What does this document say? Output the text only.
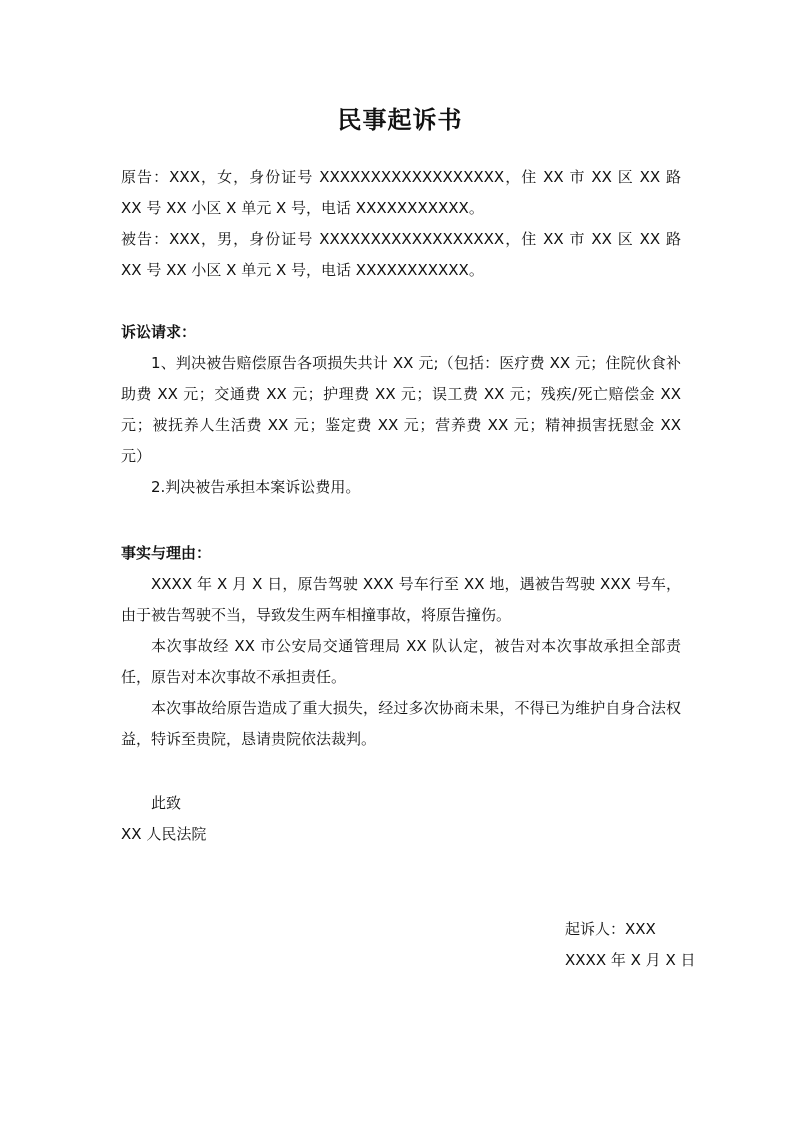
民事起诉书

原告：XXX，女，身份证号 XXXXXXXXXXXXXXXXXX，住 XX 市 XX 区 XX 路 XX 号 XX 小区 X 单元 X 号，电话 XXXXXXXXXXX。

被告：XXX，男，身份证号 XXXXXXXXXXXXXXXXXX，住 XX 市 XX 区 XX 路 XX 号 XX 小区 X 单元 X 号，电话 XXXXXXXXXXX。

诉讼请求：

1、判决被告赔偿原告各项损失共计 XX 元;（包括：医疗费 XX 元；住院伙食补助费 XX 元；交通费 XX 元；护理费 XX 元；误工费 XX 元；残疾/死亡赔偿金 XX 元；被抚养人生活费 XX 元；鉴定费 XX 元；营养费 XX 元；精神损害抚慰金 XX 元）

2.判决被告承担本案诉讼费用。

事实与理由：

XXXX 年 X 月 X 日，原告驾驶 XXX 号车行至 XX 地，遇被告驾驶 XXX 号车，由于被告驾驶不当，导致发生两车相撞事故，将原告撞伤。

本次事故经 XX 市公安局交通管理局 XX 队认定，被告对本次事故承担全部责任，原告对本次事故不承担责任。

本次事故给原告造成了重大损失，经过多次协商未果，不得已为维护自身合法权益，特诉至贵院，恳请贵院依法裁判。

此致

XX 人民法院

起诉人：XXX
XXXX 年 X 月 X 日
